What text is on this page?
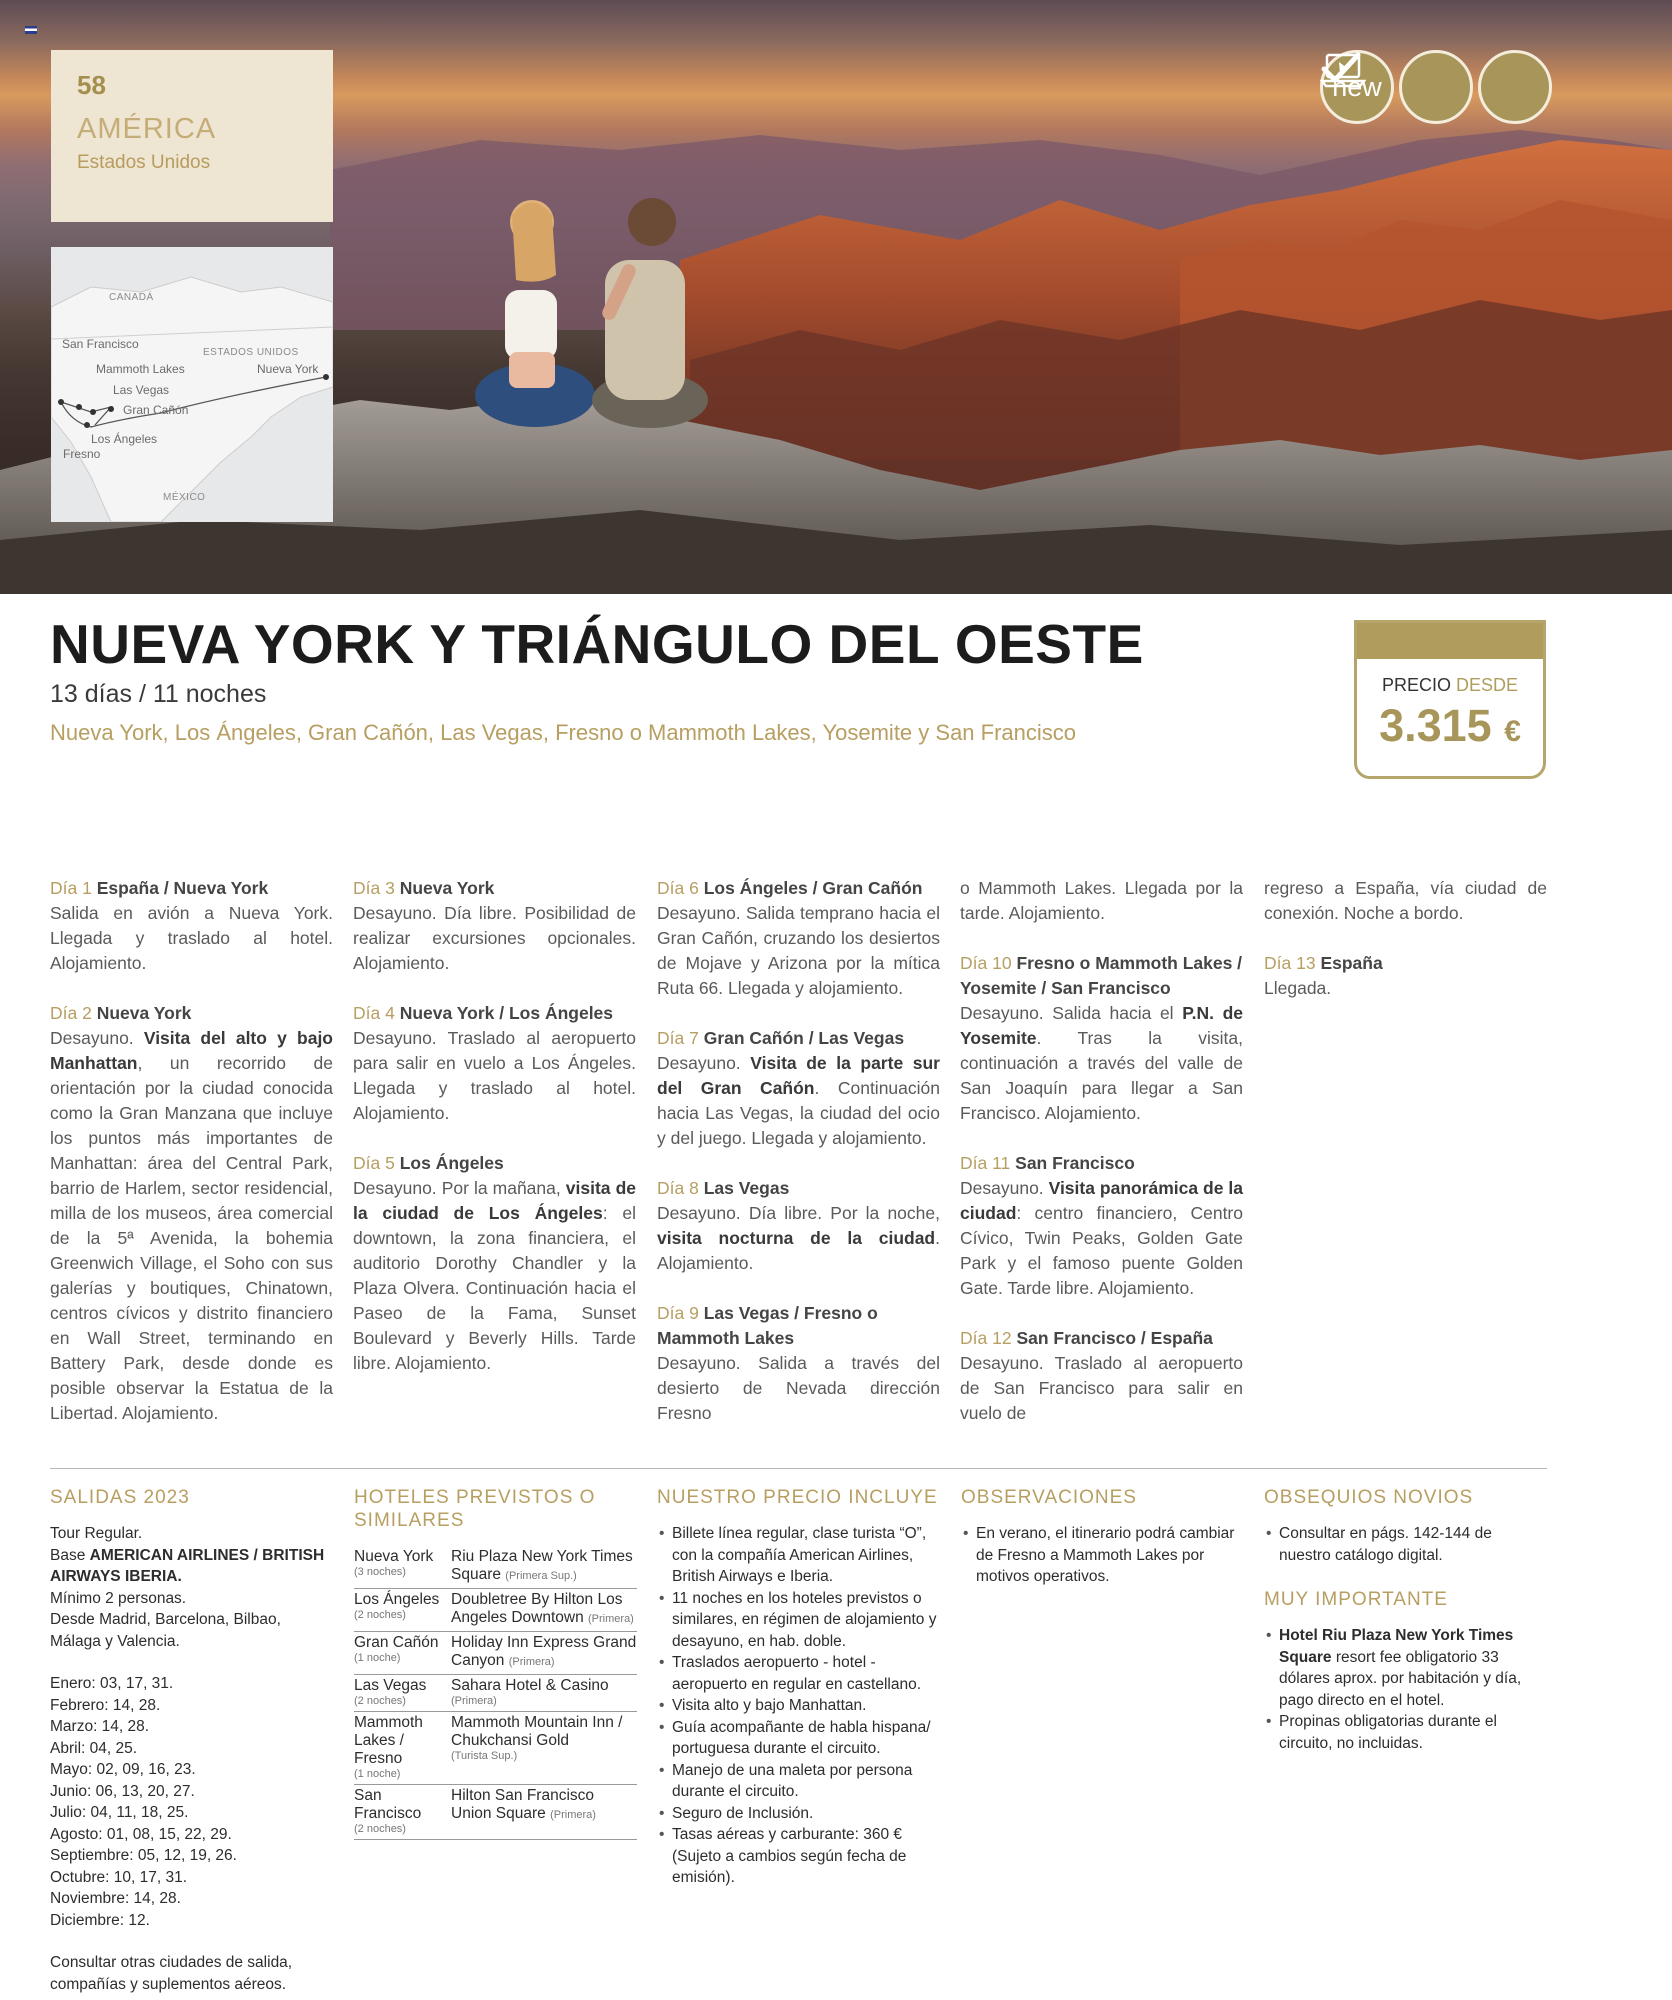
58
AMÉRICA
Estados Unidos
CANADÁ
ESTADOS UNIDOS
MÉXICO
San Francisco
Mammoth Lakes
Las Vegas
Gran Cañón
Los Ángeles
Fresno
Nueva York
new
NUEVA YORK Y TRIÁNGULO DEL OESTE
13 días / 11 noches
Nueva York, Los Ángeles, Gran Cañón, Las Vegas, Fresno o Mammoth Lakes, Yosemite y San Francisco
PRECIO DESDE
3.315 €
Día 1 España / Nueva York
Salida en avión a Nueva York. Llegada y traslado al hotel. Alojamiento.
Día 2 Nueva York
Desayuno. Visita del alto y bajo Manhattan, un recorrido de orientación por la ciudad conocida como la Gran Manzana que incluye los puntos más importantes de Manhattan: área del Central Park, barrio de Harlem, sector residencial, milla de los museos, área comercial de la 5ª Avenida, la bohemia Greenwich Village, el Soho con sus galerías y boutiques, Chinatown, centros cívicos y distrito financiero en Wall Street, terminando en Battery Park, desde donde es posible observar la Estatua de la Libertad. Alojamiento.
Día 3 Nueva York
Desayuno. Día libre. Posibilidad de realizar excursiones opcionales. Alojamiento.
Día 4 Nueva York / Los Ángeles
Desayuno. Traslado al aeropuerto para salir en vuelo a Los Ángeles. Llegada y traslado al hotel. Alojamiento.
Día 5 Los Ángeles
Desayuno. Por la mañana, visita de la ciudad de Los Ángeles: el downtown, la zona financiera, el auditorio Dorothy Chandler y la Plaza Olvera. Continuación hacia el Paseo de la Fama, Sunset Boulevard y Beverly Hills. Tarde libre. Alojamiento.
Día 6 Los Ángeles / Gran Cañón
Desayuno. Salida temprano hacia el Gran Cañón, cruzando los desiertos de Mojave y Arizona por la mítica Ruta 66. Llegada y alojamiento.
Día 7 Gran Cañón / Las Vegas
Desayuno. Visita de la parte sur del Gran Cañón. Continuación hacia Las Vegas, la ciudad del ocio y del juego. Llegada y alojamiento.
Día 8 Las Vegas
Desayuno. Día libre. Por la noche, visita nocturna de la ciudad. Alojamiento.
Día 9 Las Vegas / Fresno o Mammoth Lakes
Desayuno. Salida a través del desierto de Nevada dirección Fresno
o Mammoth Lakes. Llegada por la tarde. Alojamiento.
Día 10 Fresno o Mammoth Lakes / Yosemite / San Francisco
Desayuno. Salida hacia el P.N. de Yosemite. Tras la visita, continuación a través del valle de San Joaquín para llegar a San Francisco. Alojamiento.
Día 11 San Francisco
Desayuno. Visita panorámica de la ciudad: centro financiero, Centro Cívico, Twin Peaks, Golden Gate Park y el famoso puente Golden Gate. Tarde libre. Alojamiento.
Día 12 San Francisco / España
Desayuno. Traslado al aeropuerto de San Francisco para salir en vuelo de
regreso a España, vía ciudad de conexión. Noche a bordo.
Día 13 España
Llegada.
SALIDAS 2023
Tour Regular.
Base AMERICAN AIRLINES / BRITISH AIRWAYS IBERIA.
Mínimo 2 personas.
Desde Madrid, Barcelona, Bilbao, Málaga y Valencia.
Enero: 03, 17, 31.
Febrero: 14, 28.
Marzo: 14, 28.
Abril: 04, 25.
Mayo: 02, 09, 16, 23.
Junio: 06, 13, 20, 27.
Julio: 04, 11, 18, 25.
Agosto: 01, 08, 15, 22, 29.
Septiembre: 05, 12, 19, 26.
Octubre: 10, 17, 31.
Noviembre: 14, 28.
Diciembre: 12.
Consultar otras ciudades de salida, compañías y suplementos aéreos.
HOTELES PREVISTOS O SIMILARES
Nueva York
(3 noches)	Riu Plaza New York Times Square (Primera Sup.)
Los Ángeles
(2 noches)	Doubletree By Hilton Los Angeles Downtown (Primera)
Gran Cañón
(1 noche)	Holiday Inn Express Grand Canyon (Primera)
Las Vegas
(2 noches)	Sahara Hotel & Casino
(Primera)

Mammoth Lakes / Fresno
(1 noche)	Mammoth Mountain Inn / Chukchansi Gold
(Turista Sup.)

San Francisco
(2 noches)	Hilton San Francisco Union Square (Primera)
NUESTRO PRECIO INCLUYE
• Billete línea regular, clase turista “O”, con la compañía American Airlines, British Airways e Iberia.
• 11 noches en los hoteles previstos o similares, en régimen de alojamiento y desayuno, en hab. doble.
• Traslados aeropuerto - hotel - aeropuerto en regular en castellano.
• Visita alto y bajo Manhattan.
• Guía acompañante de habla hispana/ portuguesa durante el circuito.
• Manejo de una maleta por persona durante el circuito.
• Seguro de Inclusión.
• Tasas aéreas y carburante: 360 € (Sujeto a cambios según fecha de emisión).
OBSERVACIONES
• En verano, el itinerario podrá cambiar de Fresno a Mammoth Lakes por motivos operativos.
OBSEQUIOS NOVIOS
• Consultar en págs. 142-144 de nuestro catálogo digital.
MUY IMPORTANTE
• Hotel Riu Plaza New York Times Square resort fee obligatorio 33 dólares aprox. por habitación y día, pago directo en el hotel.
• Propinas obligatorias durante el circuito, no incluidas.
